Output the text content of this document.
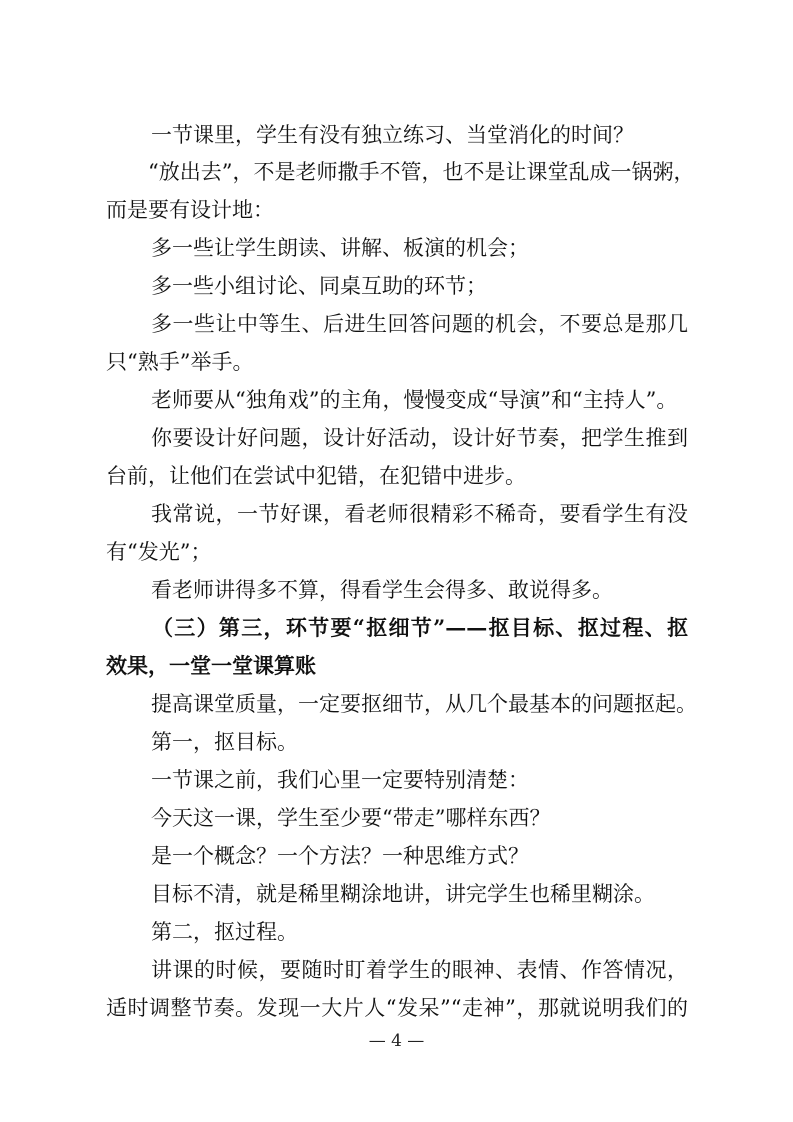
一节课里，学生有没有独立练习、当堂消化的时间？
“放出去”，不是老师撒手不管，也不是让课堂乱成一锅粥，
而是要有设计地：
多一些让学生朗读、讲解、板演的机会；
多一些小组讨论、同桌互助的环节；
多一些让中等生、后进生回答问题的机会，不要总是那几
只“熟手”举手。
老师要从“独角戏”的主角，慢慢变成“导演”和“主持人”。
你要设计好问题，设计好活动，设计好节奏，把学生推到
台前，让他们在尝试中犯错，在犯错中进步。
我常说，一节好课，看老师很精彩不稀奇，要看学生有没
有“发光”；
看老师讲得多不算，得看学生会得多、敢说得多。
（三）第三，环节要“抠细节”——抠目标、抠过程、抠
效果，一堂一堂课算账
提高课堂质量，一定要抠细节，从几个最基本的问题抠起。
第一，抠目标。
一节课之前，我们心里一定要特别清楚：
今天这一课，学生至少要“带走”哪样东西？
是一个概念？一个方法？一种思维方式？
目标不清，就是稀里糊涂地讲，讲完学生也稀里糊涂。
第二，抠过程。
讲课的时候，要随时盯着学生的眼神、表情、作答情况，
适时调整节奏。发现一大片人“发呆”“走神”，那就说明我们的
— 4 —
